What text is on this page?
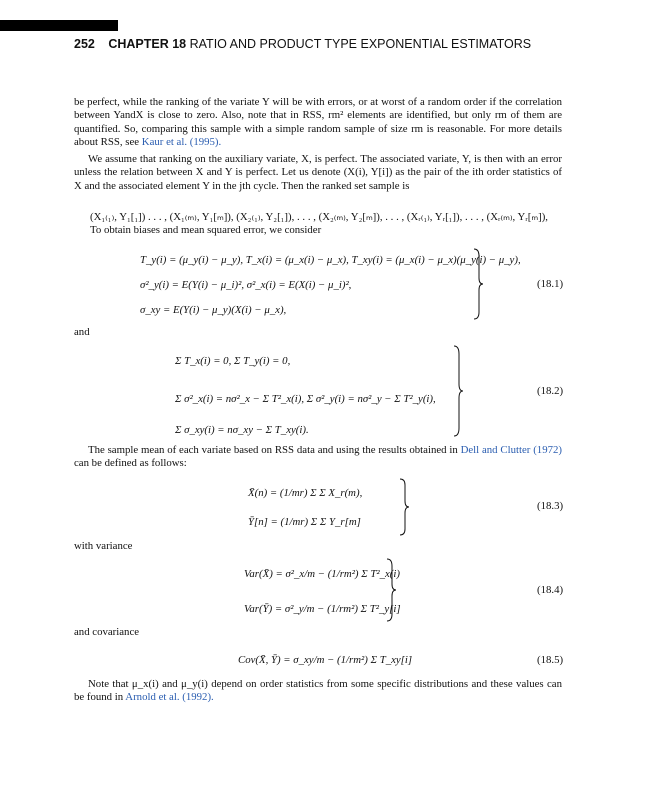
252 CHAPTER 18 RATIO AND PRODUCT TYPE EXPONENTIAL ESTIMATORS
be perfect, while the ranking of the variate Y will be with errors, or at worst of a random order if the correlation between YandX is close to zero. Also, note that in RSS, rm² elements are identified, but only rm of them are quantified. So, comparing this sample with a simple random sample of size rm is reasonable. For more details about RSS, see Kaur et al. (1995).
We assume that ranking on the auxiliary variate, X, is perfect. The associated variate, Y, is then with an error unless the relation between X and Y is perfect. Let us denote (X(i), Y[i]) as the pair of the ith order statistics of X and the associated element Y in the jth cycle. Then the ranked set sample is
(X₁₍₁₎, Y₁[₁]) . . . , (X₁₍ₘ₎, Y₁[ₘ]), (X₂₍₁₎, Y₂[₁]), . . . , (X₂₍ₘ₎, Y₂[ₘ]), . . . , (Xᵣ₍₁₎, Yᵣ[₁]), . . . , (Xᵣ₍ₘ₎, Yᵣ[ₘ]),
To obtain biases and mean squared error, we consider
T_y(i) = (μ_y(i) − μ_y), T_x(i) = (μ_x(i) − μ_x), T_xy(i) = (μ_x(i) − μ_x)(μ_y(i) − μ_y),
σ²_y(i) = E(Y(i) − μ_i)², σ²_x(i) = E(X(i) − μ_i)²,
σ_xy = E(Y(i) − μ_y)(X(i) − μ_x),
(18.1)
and
Σ T_x(i) = 0, Σ T_y(i) = 0,
Σ σ²_x(i) = nσ²_x − Σ T²_x(i), Σ σ²_y(i) = nσ²_y − Σ T²_y(i),
Σ σ_xy(i) = nσ_xy − Σ T_xy(i).
(18.2)
The sample mean of each variate based on RSS data and using the results obtained in Dell and Clutter (1972) can be defined as follows:
X̄(n) = (1/mr) Σ Σ X_r(m),
Ȳ[n] = (1/mr) Σ Σ Y_r[m]
(18.3)
with variance
Var(X̄) = σ²_x/m − (1/rm²) Σ T²_x(i)
Var(Ȳ) = σ²_y/m − (1/rm²) Σ T²_y[i]
(18.4)
and covariance
Cov(X̄, Ȳ) = σ_xy/m − (1/rm²) Σ T_xy[i]	(18.5)
Note that μ_x(i) and μ_y(i) depend on order statistics from some specific distributions and these values can be found in Arnold et al. (1992).
